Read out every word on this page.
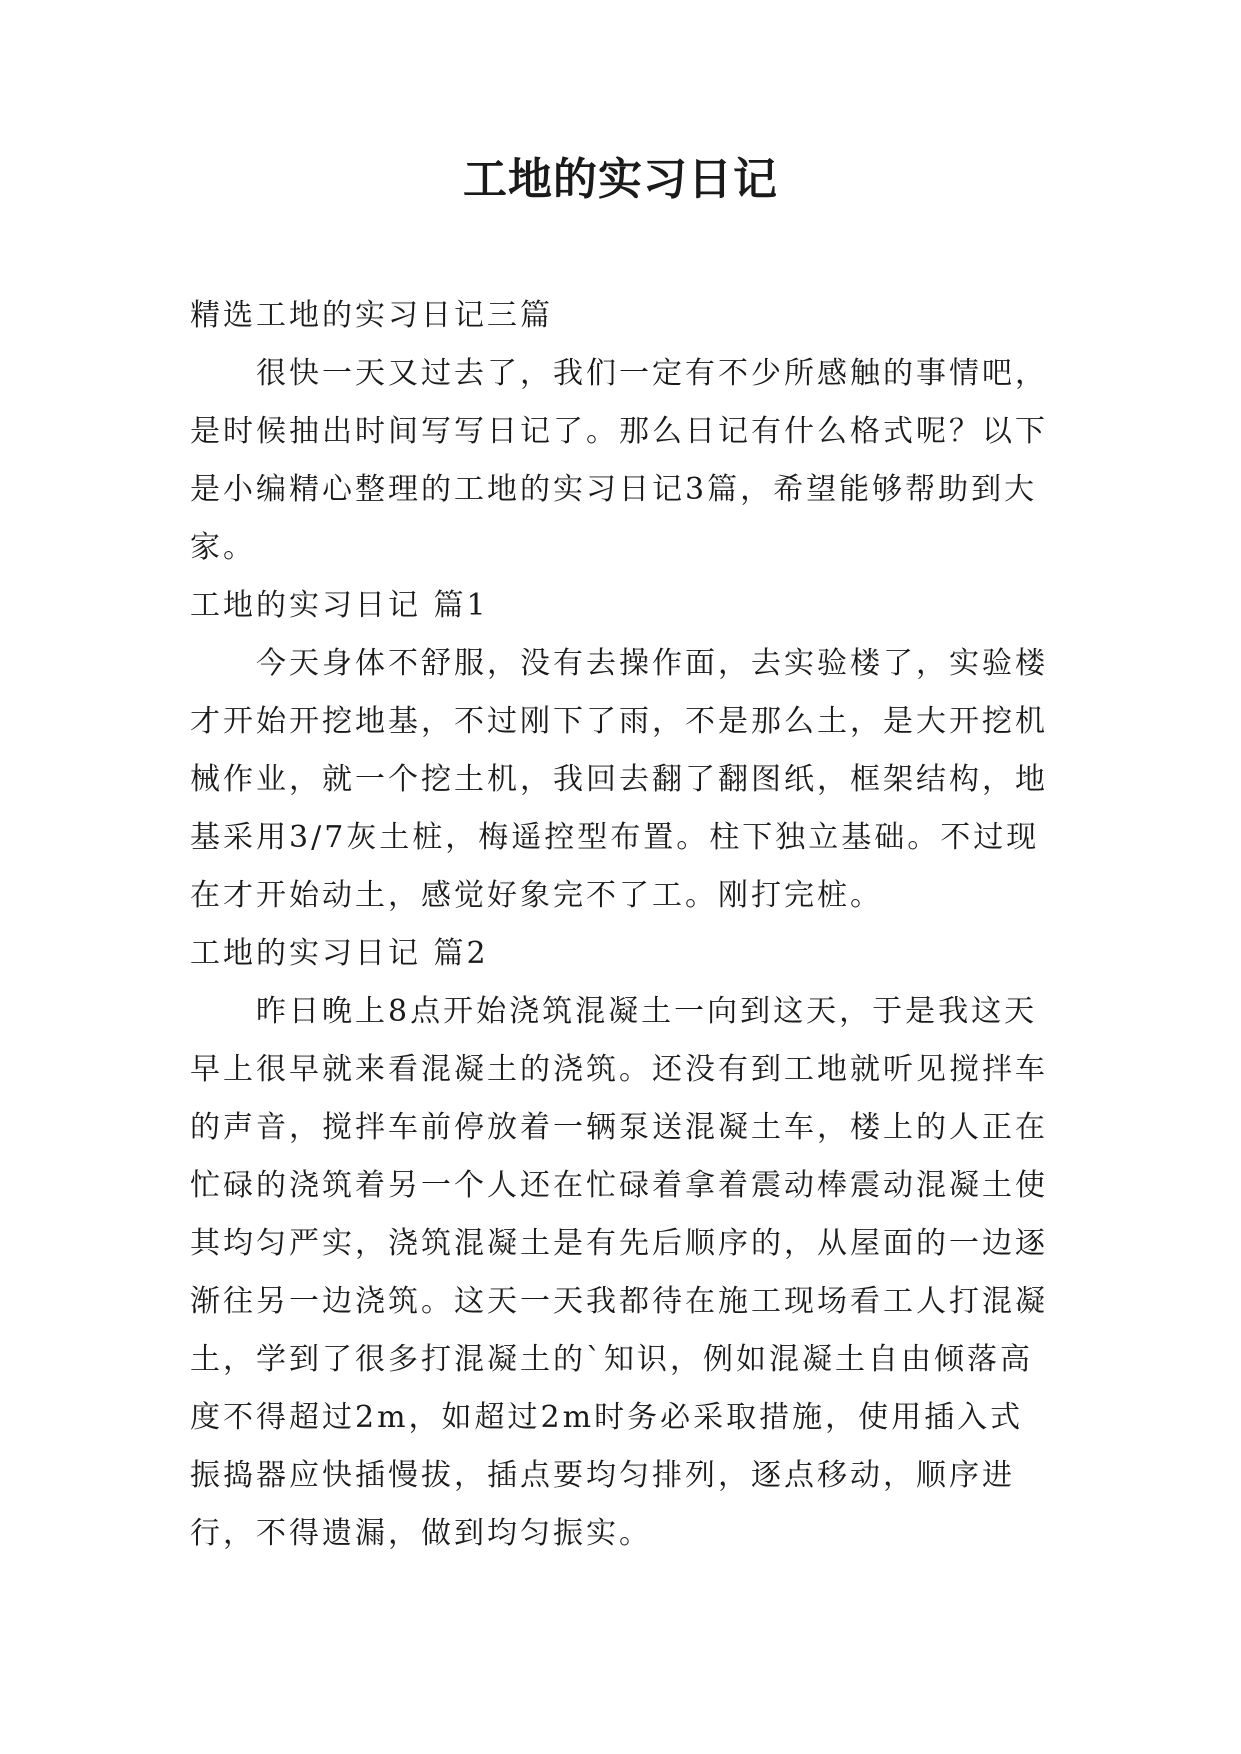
工地的实习日记

精选工地的实习日记三篇

很快一天又过去了，我们一定有不少所感触的事情吧，是时候抽出时间写写日记了。那么日记有什么格式呢？以下是小编精心整理的工地的实习日记3篇，希望能够帮助到大家。

工地的实习日记 篇1

今天身体不舒服，没有去操作面，去实验楼了，实验楼才开始开挖地基，不过刚下了雨，不是那么土，是大开挖机械作业，就一个挖土机，我回去翻了翻图纸，框架结构，地基采用3/7灰土桩，梅遥控型布置。柱下独立基础。不过现在才开始动土，感觉好象完不了工。刚打完桩。

工地的实习日记 篇2

昨日晚上8点开始浇筑混凝土一向到这天，于是我这天早上很早就来看混凝土的浇筑。还没有到工地就听见搅拌车的声音，搅拌车前停放着一辆泵送混凝土车，楼上的人正在忙碌的浇筑着另一个人还在忙碌着拿着震动棒震动混凝土使其均匀严实，浇筑混凝土是有先后顺序的，从屋面的一边逐渐往另一边浇筑。这天一天我都待在施工现场看工人打混凝土，学到了很多打混凝土的`知识，例如混凝土自由倾落高度不得超过2m，如超过2m时务必采取措施，使用插入式振捣器应快插慢拔，插点要均匀排列，逐点移动，顺序进行，不得遗漏，做到均匀振实。
